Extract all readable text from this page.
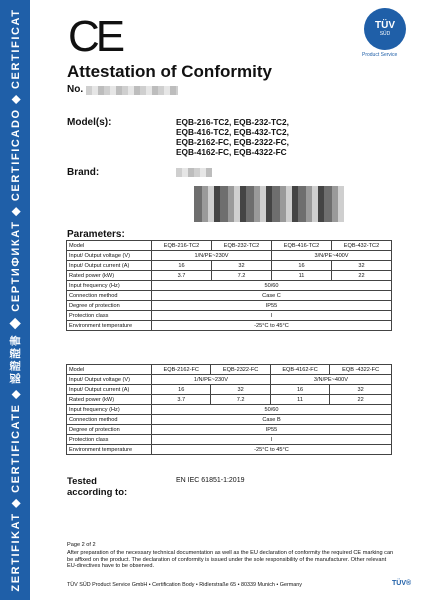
ZERTIFIKAT ◆ CERTIFICATE ◆ 認證證書 ◆ СЕРТИФИКАТ ◆ CERTIFICADO ◆ CERTIFICAT CE	TÜV
SÜD
Product Service
Attestation of Conformity
No.
Model(s):	EQB-216-TC2, EQB-232-TC2,
EQB-416-TC2, EQB-432-TC2,
EQB-2162-FC, EQB-2322-FC,
EQB-4162-FC, EQB-4322-FC
Brand:
Parameters:
Model	EQB-216-TC2	EQB-232-TC2	EQB-416-TC2	EQB-432-TC2
Input/ Output voltage (V)	1/N/PE~230V		3/N/PE~400V	
Input/ Output current (A)	16	32	16	32
Rated power (kW)	3.7	7.2	11	22
Input frequency (Hz)	50/60			
Connection method	Case C			
Degree of protection	IP55			
Protection class	I			
Environment temperature	-25°C to 45°C			
Model	EQB-2162-FC	EQB-2322-FC	EQB-4162-FC	EQB -4322-FC
Input/ Output voltage (V)	1/N/PE~230V		3/N/PE~400V	
Input/ Output current (A)	16	32	16	32
Rated power (kW)	3.7	7.2	11	22
Input frequency (Hz)	50/60			
Connection method	Case B			
Degree of protection	IP55			
Protection class	I			
Environment temperature	-25°C to 45°C			
Tested
according to:
EN IEC 61851-1:2019
Page 2 of 2
After preparation of the necessary technical documentation as well as the EU declaration of conformity the required CE marking can be affixed on the product. The declaration of conformity is issued under the sole responsibility of the manufacturer. Other relevant EU-directives have to be observed.
TÜV SÜD Product Service GmbH • Certification Body • Ridlerstraße 65 • 80339 Munich • Germany	TÜV®
